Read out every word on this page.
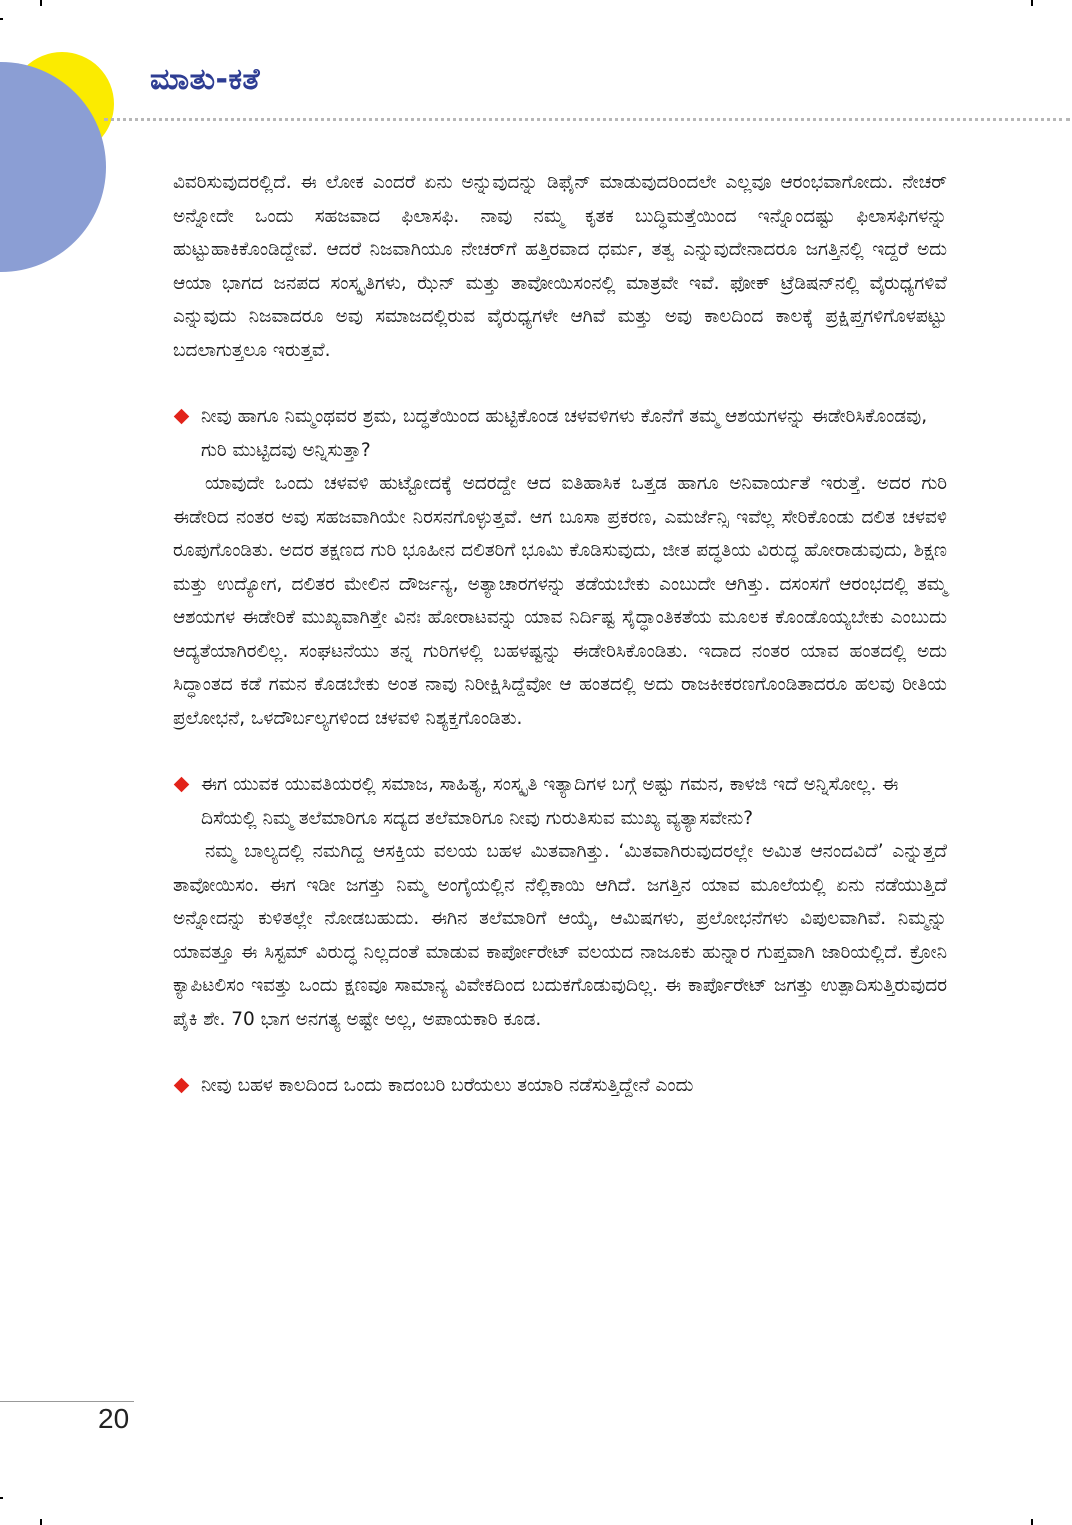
ಮಾತು-ಕತೆ

ವಿವರಿಸುವುದರಲ್ಲಿದೆ. ಈ ಲೋಕ ಎಂದರೆ ಏನು ಅನ್ನುವುದನ್ನು ಡಿಫೈನ್ ಮಾಡುವುದರಿಂದಲೇ ಎಲ್ಲವೂ ಆರಂಭವಾಗೋದು. ನೇಚರ್ ಅನ್ನೋದೇ ಒಂದು ಸಹಜವಾದ ಫಿಲಾಸಫಿ. ನಾವು ನಮ್ಮ ಕೃತಕ ಬುದ್ಧಿಮತ್ತೆಯಿಂದ ಇನ್ನೊಂದಷ್ಟು ಫಿಲಾಸಫಿಗಳನ್ನು ಹುಟ್ಟುಹಾಕಿಕೊಂಡಿದ್ದೇವೆ. ಆದರೆ ನಿಜವಾಗಿಯೂ ನೇಚರ್‌ಗೆ ಹತ್ತಿರವಾದ ಧರ್ಮ, ತತ್ವ ಎನ್ನುವುದೇನಾದರೂ ಜಗತ್ತಿನಲ್ಲಿ ಇದ್ದರೆ ಅದು ಆಯಾ ಭಾಗದ ಜನಪದ ಸಂಸ್ಕೃತಿಗಳು, ಝೆನ್ ಮತ್ತು ತಾವೋಯಿಸಂನಲ್ಲಿ ಮಾತ್ರವೇ ಇವೆ. ಫೋಕ್ ಟ್ರೆಡಿಷನ್‌ನಲ್ಲಿ ವೈರುಧ್ಯಗಳಿವೆ ಎನ್ನುವುದು ನಿಜವಾದರೂ ಅವು ಸಮಾಜದಲ್ಲಿರುವ ವೈರುಧ್ಯಗಳೇ ಆಗಿವೆ ಮತ್ತು ಅವು ಕಾಲದಿಂದ ಕಾಲಕ್ಕೆ ಪ್ರಕ್ಷಿಪ್ತಗಳಿಗೊಳಪಟ್ಟು ಬದಲಾಗುತ್ತಲೂ ಇರುತ್ತವೆ.

ನೀವು ಹಾಗೂ ನಿಮ್ಮಂಥವರ ಶ್ರಮ, ಬದ್ಧತೆಯಿಂದ ಹುಟ್ಟಿಕೊಂಡ ಚಳವಳಿಗಳು ಕೊನೆಗೆ ತಮ್ಮ ಆಶಯಗಳನ್ನು ಈಡೇರಿಸಿಕೊಂಡವು, ಗುರಿ ಮುಟ್ಟಿದವು ಅನ್ನಿಸುತ್ತಾ?

ಯಾವುದೇ ಒಂದು ಚಳವಳಿ ಹುಟ್ಟೋದಕ್ಕೆ ಅದರದ್ದೇ ಆದ ಐತಿಹಾಸಿಕ ಒತ್ತಡ ಹಾಗೂ ಅನಿವಾರ್ಯತೆ ಇರುತ್ತೆ. ಅದರ ಗುರಿ ಈಡೇರಿದ ನಂತರ ಅವು ಸಹಜವಾಗಿಯೇ ನಿರಸನಗೊಳ್ಳುತ್ತವೆ. ಆಗ ಬೂಸಾ ಪ್ರಕರಣ, ಎಮರ್ಜೆನ್ಸಿ ಇವೆಲ್ಲ ಸೇರಿಕೊಂಡು ದಲಿತ ಚಳವಳಿ ರೂಪುಗೊಂಡಿತು. ಅದರ ತಕ್ಷಣದ ಗುರಿ ಭೂಹೀನ ದಲಿತರಿಗೆ ಭೂಮಿ ಕೊಡಿಸುವುದು, ಜೀತ ಪದ್ಧತಿಯ ವಿರುದ್ಧ ಹೋರಾಡುವುದು, ಶಿಕ್ಷಣ ಮತ್ತು ಉದ್ಯೋಗ, ದಲಿತರ ಮೇಲಿನ ದೌರ್ಜನ್ಯ, ಅತ್ಯಾಚಾರಗಳನ್ನು ತಡೆಯಬೇಕು ಎಂಬುದೇ ಆಗಿತ್ತು. ದಸಂಸಗೆ ಆರಂಭದಲ್ಲಿ ತಮ್ಮ ಆಶಯಗಳ ಈಡೇರಿಕೆ ಮುಖ್ಯವಾಗಿತ್ತೇ ವಿನಃ ಹೋರಾಟವನ್ನು ಯಾವ ನಿರ್ದಿಷ್ಟ ಸೈದ್ಧಾಂತಿಕತೆಯ ಮೂಲಕ ಕೊಂಡೊಯ್ಯಬೇಕು ಎಂಬುದು ಆದ್ಯತೆಯಾಗಿರಲಿಲ್ಲ. ಸಂಘಟನೆಯು ತನ್ನ ಗುರಿಗಳಲ್ಲಿ ಬಹಳಷ್ಟನ್ನು ಈಡೇರಿಸಿಕೊಂಡಿತು. ಇದಾದ ನಂತರ ಯಾವ ಹಂತದಲ್ಲಿ ಅದು ಸಿದ್ಧಾಂತದ ಕಡೆ ಗಮನ ಕೊಡಬೇಕು ಅಂತ ನಾವು ನಿರೀಕ್ಷಿಸಿದ್ದೆವೋ ಆ ಹಂತದಲ್ಲಿ ಅದು ರಾಜಕೀಕರಣಗೊಂಡಿತಾದರೂ ಹಲವು ರೀತಿಯ ಪ್ರಲೋಭನೆ, ಒಳದೌರ್ಬಲ್ಯಗಳಿಂದ ಚಳವಳಿ ನಿಶ್ಯಕ್ತಗೊಂಡಿತು.

ಈಗ ಯುವಕ ಯುವತಿಯರಲ್ಲಿ ಸಮಾಜ, ಸಾಹಿತ್ಯ, ಸಂಸ್ಕೃತಿ ಇತ್ಯಾದಿಗಳ ಬಗ್ಗೆ ಅಷ್ಟು ಗಮನ, ಕಾಳಜಿ ಇದೆ ಅನ್ನಿಸೋಲ್ಲ. ಈ ದಿಸೆಯಲ್ಲಿ ನಿಮ್ಮ ತಲೆಮಾರಿಗೂ ಸದ್ಯದ ತಲೆಮಾರಿಗೂ ನೀವು ಗುರುತಿಸುವ ಮುಖ್ಯ ವ್ಯತ್ಯಾಸವೇನು?

ನಮ್ಮ ಬಾಲ್ಯದಲ್ಲಿ ನಮಗಿದ್ದ ಆಸಕ್ತಿಯ ವಲಯ ಬಹಳ ಮಿತವಾಗಿತ್ತು. ‘ಮಿತವಾಗಿರುವುದರಲ್ಲೇ ಅಮಿತ ಆನಂದವಿದೆ’ ಎನ್ನುತ್ತದೆ ತಾವೋಯಿಸಂ. ಈಗ ಇಡೀ ಜಗತ್ತು ನಿಮ್ಮ ಅಂಗೈಯಲ್ಲಿನ ನೆಲ್ಲಿಕಾಯಿ ಆಗಿದೆ. ಜಗತ್ತಿನ ಯಾವ ಮೂಲೆಯಲ್ಲಿ ಏನು ನಡೆಯುತ್ತಿದೆ ಅನ್ನೋದನ್ನು ಕುಳಿತಲ್ಲೇ ನೋಡಬಹುದು. ಈಗಿನ ತಲೆಮಾರಿಗೆ ಆಯ್ಕೆ, ಆಮಿಷಗಳು, ಪ್ರಲೋಭನೆಗಳು ವಿಪುಲವಾಗಿವೆ. ನಿಮ್ಮನ್ನು ಯಾವತ್ತೂ ಈ ಸಿಸ್ಟಮ್ ವಿರುದ್ಧ ನಿಲ್ಲದಂತೆ ಮಾಡುವ ಕಾರ್ಪೋರೇಟ್ ವಲಯದ ನಾಜೂಕು ಹುನ್ನಾರ ಗುಪ್ತವಾಗಿ ಜಾರಿಯಲ್ಲಿದೆ. ಕ್ರೋನಿ ಕ್ಯಾಪಿಟಲಿಸಂ ಇವತ್ತು ಒಂದು ಕ್ಷಣವೂ ಸಾಮಾನ್ಯ ವಿವೇಕದಿಂದ ಬದುಕಗೊಡುವುದಿಲ್ಲ. ಈ ಕಾರ್ಪೊರೇಟ್ ಜಗತ್ತು ಉತ್ಪಾದಿಸುತ್ತಿರುವುದರ ಪೈಕಿ ಶೇ. 70 ಭಾಗ ಅನಗತ್ಯ ಅಷ್ಟೇ ಅಲ್ಲ, ಅಪಾಯಕಾರಿ ಕೂಡ.

ನೀವು ಬಹಳ ಕಾಲದಿಂದ ಒಂದು ಕಾದಂಬರಿ ಬರೆಯಲು ತಯಾರಿ ನಡೆಸುತ್ತಿದ್ದೇನೆ ಎಂದು
20
